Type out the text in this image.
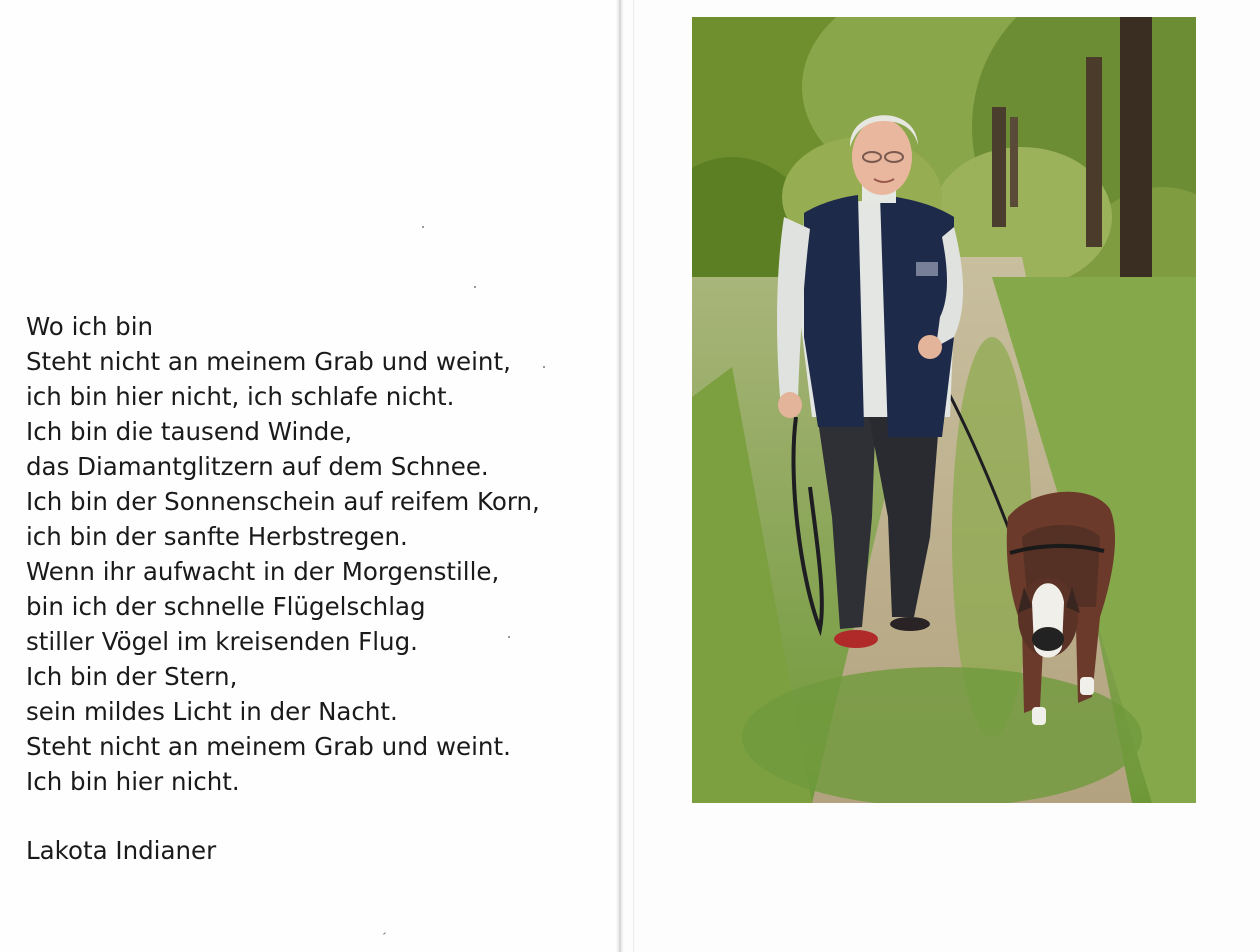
Wo ich bin
Steht nicht an meinem Grab und weint,
ich bin hier nicht, ich schlafe nicht.
Ich bin die tausend Winde,
das Diamantglitzern auf dem Schnee.
Ich bin der Sonnenschein auf reifem Korn,
ich bin der sanfte Herbstregen.
Wenn ihr aufwacht in der Morgenstille,
bin ich der schnelle Flügelschlag
stiller Vögel im kreisenden Flug.
Ich bin der Stern,
sein mildes Licht in der Nacht.
Steht nicht an meinem Grab und weint.
Ich bin hier nicht.
Lakota Indianer
